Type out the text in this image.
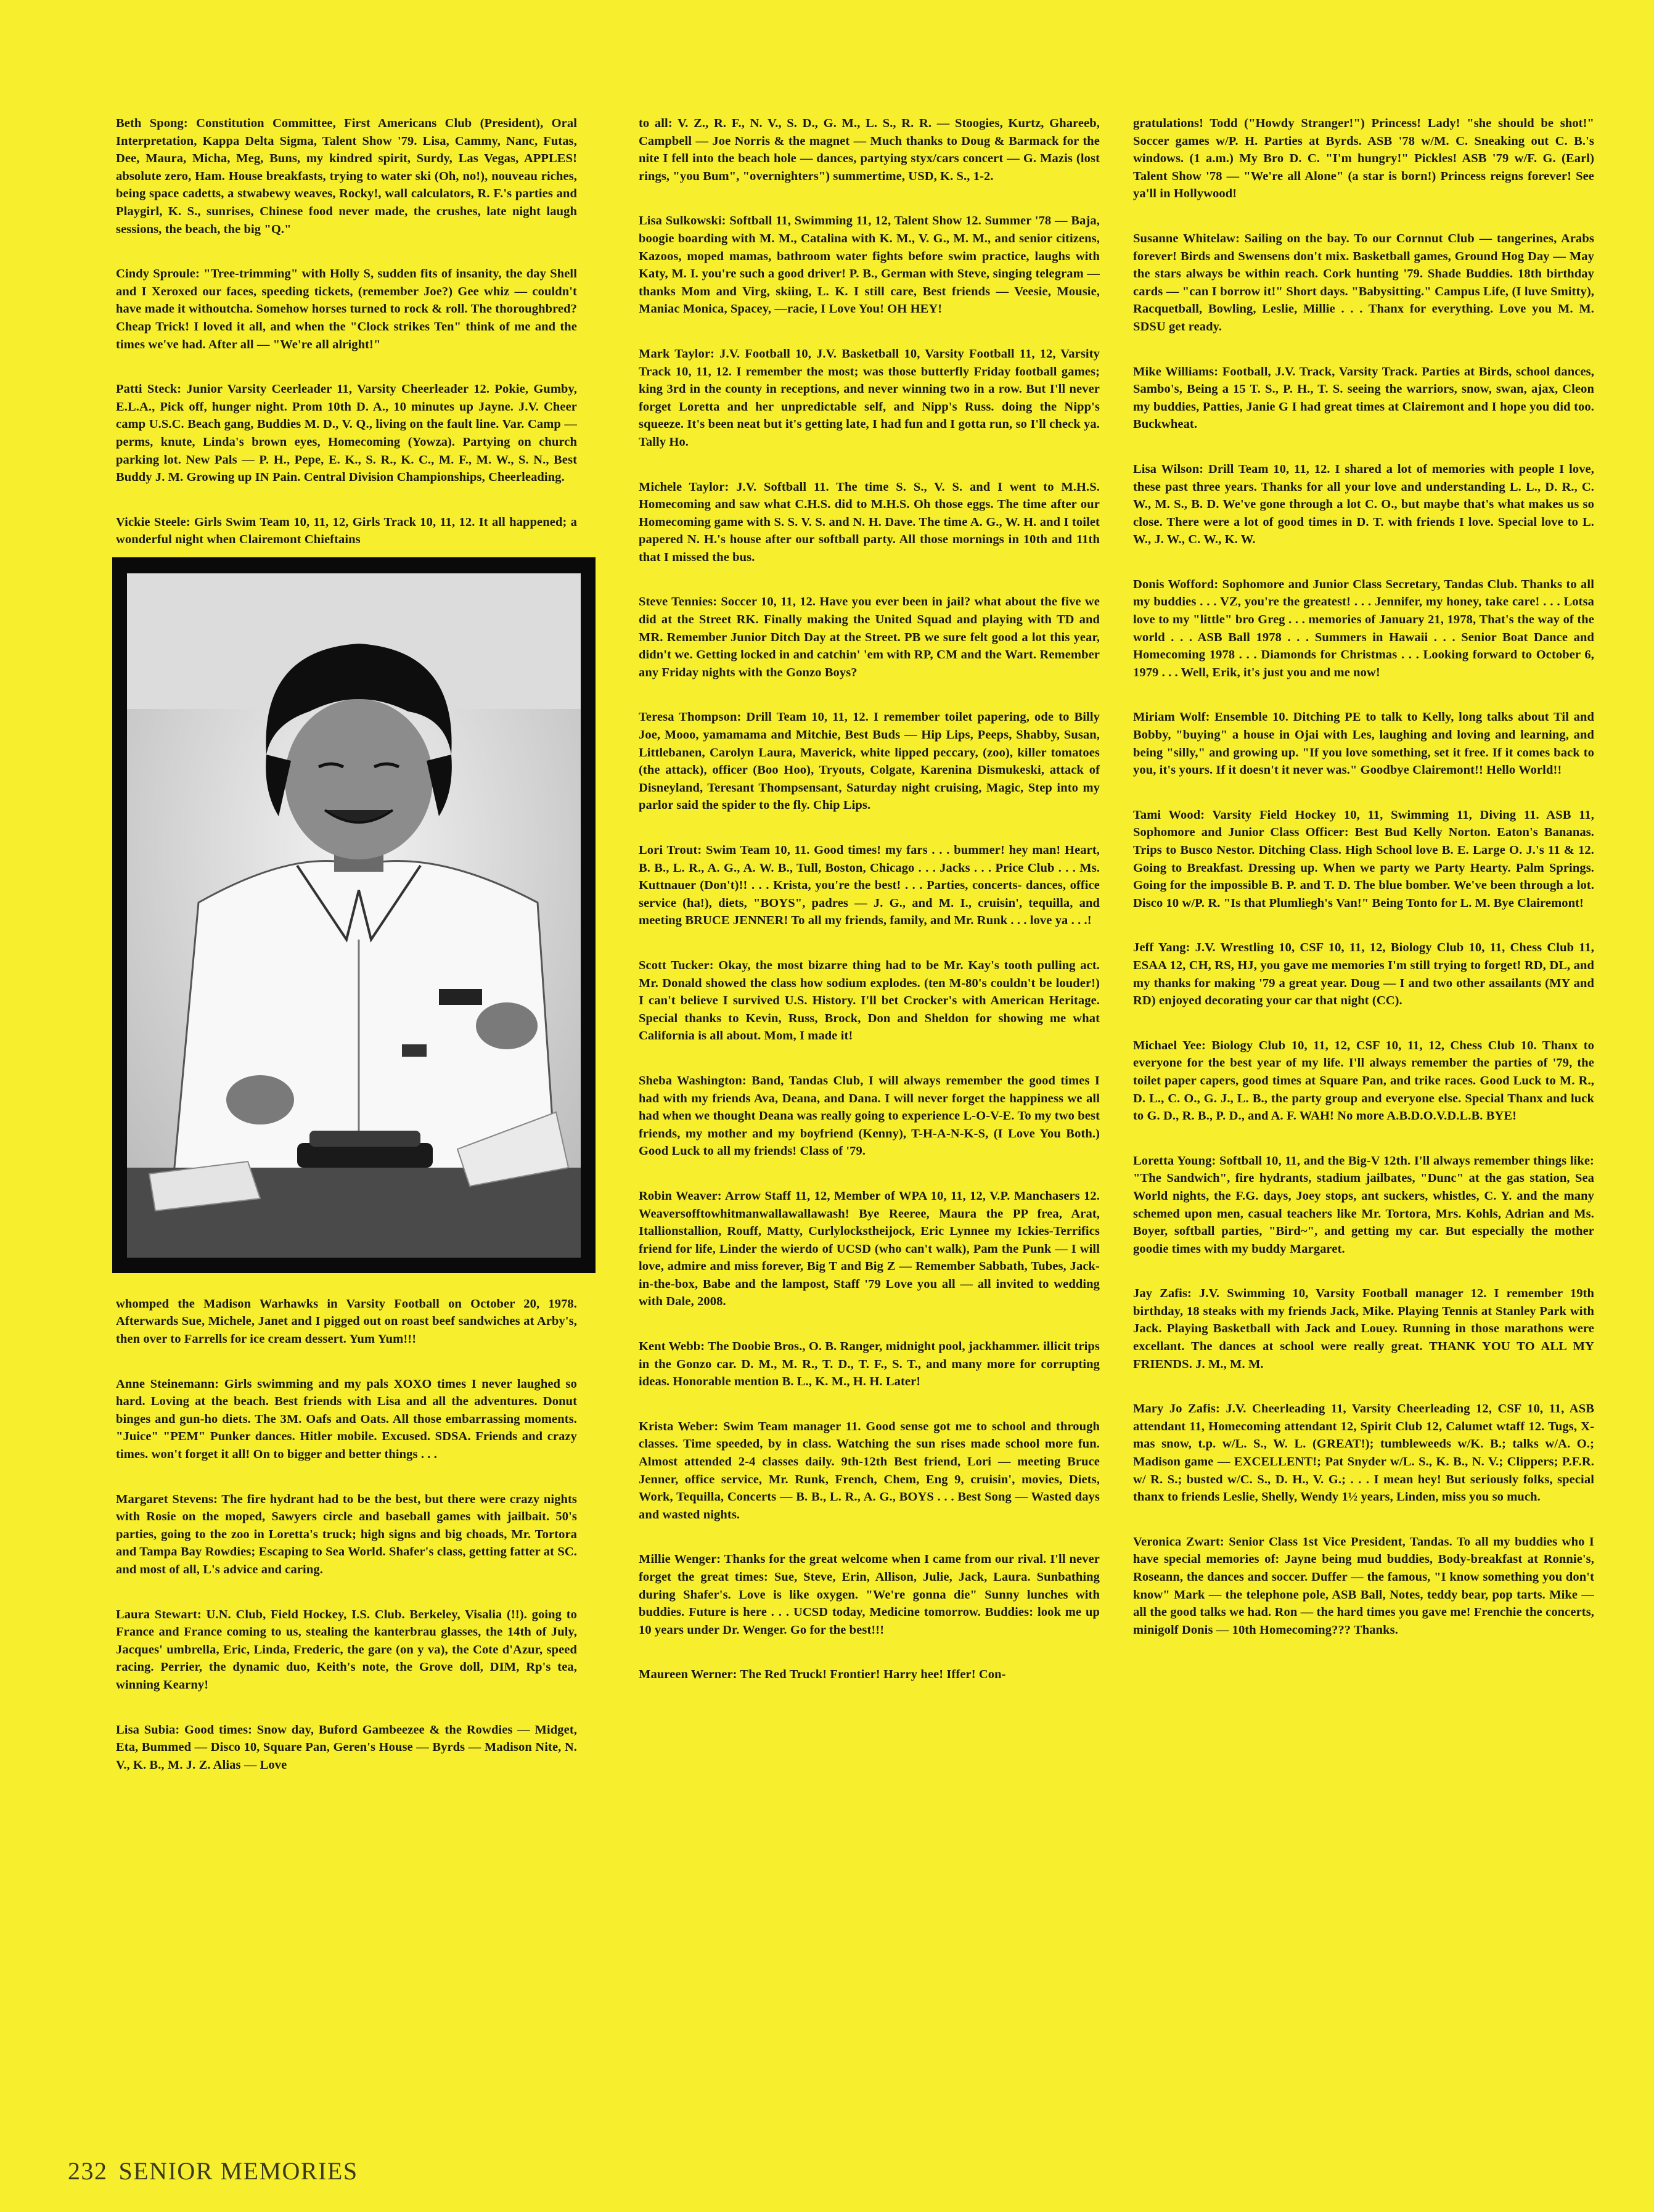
Beth Spong: Constitution Committee, First Americans Club (President), Oral Interpretation, Kappa Delta Sigma, Talent Show '79. Lisa, Cammy, Nanc, Futas, Dee, Maura, Micha, Meg, Buns, my kindred spirit, Surdy, Las Vegas, APPLES! absolute zero, Ham. House breakfasts, trying to water ski (Oh, no!), nouveau riches, being space cadetts, a stwabewy weaves, Rocky!, wall calculators, R. F.'s parties and Playgirl, K. S., sunrises, Chinese food never made, the crushes, late night laugh sessions, the beach, the big "Q."

Cindy Sproule: "Tree-trimming" with Holly S, sudden fits of insanity, the day Shell and I Xeroxed our faces, speeding tickets, (remember Joe?) Gee whiz — couldn't have made it withoutcha. Somehow horses turned to rock & roll. The thoroughbred? Cheap Trick! I loved it all, and when the "Clock strikes Ten" think of me and the times we've had. After all — "We're all alright!"

Patti Steck: Junior Varsity Ceerleader 11, Varsity Cheerleader 12. Pokie, Gumby, E.L.A., Pick off, hunger night. Prom 10th D. A., 10 minutes up Jayne. J.V. Cheer camp U.S.C. Beach gang, Buddies M. D., V. Q., living on the fault line. Var. Camp — perms, knute, Linda's brown eyes, Homecoming (Yowza). Partying on church parking lot. New Pals — P. H., Pepe, E. K., S. R., K. C., M. F., M. W., S. N., Best Buddy J. M. Growing up IN Pain. Central Division Championships, Cheerleading.

Vickie Steele: Girls Swim Team 10, 11, 12, Girls Track 10, 11, 12. It all happened; a wonderful night when Clairemont Chieftains

whomped the Madison Warhawks in Varsity Football on October 20, 1978. Afterwards Sue, Michele, Janet and I pigged out on roast beef sandwiches at Arby's, then over to Farrells for ice cream dessert. Yum Yum!!!

Anne Steinemann: Girls swimming and my pals XOXO times I never laughed so hard. Loving at the beach. Best friends with Lisa and all the adventures. Donut binges and gun-ho diets. The 3M. Oafs and Oats. All those embarrassing moments. "Juice" "PEM" Punker dances. Hitler mobile. Excused. SDSA. Friends and crazy times. won't forget it all! On to bigger and better things . . .

Margaret Stevens: The fire hydrant had to be the best, but there were crazy nights with Rosie on the moped, Sawyers circle and baseball games with jailbait. 50's parties, going to the zoo in Loretta's truck; high signs and big choads, Mr. Tortora and Tampa Bay Rowdies; Escaping to Sea World. Shafer's class, getting fatter at SC. and most of all, L's advice and caring.

Laura Stewart: U.N. Club, Field Hockey, I.S. Club. Berkeley, Visalia (!!). going to France and France coming to us, stealing the kanterbrau glasses, the 14th of July, Jacques' umbrella, Eric, Linda, Frederic, the gare (on y va), the Cote d'Azur, speed racing. Perrier, the dynamic duo, Keith's note, the Grove doll, DIM, Rp's tea, winning Kearny!

Lisa Subia: Good times: Snow day, Buford Gambeezee & the Rowdies — Midget, Eta, Bummed — Disco 10, Square Pan, Geren's House — Byrds — Madison Nite, N. V., K. B., M. J. Z. Alias — Love

to all: V. Z., R. F., N. V., S. D., G. M., L. S., R. R. — Stoogies, Kurtz, Ghareeb, Campbell — Joe Norris & the magnet — Much thanks to Doug & Barmack for the nite I fell into the beach hole — dances, partying styx/cars concert — G. Mazis (lost rings, "you Bum", "overnighters") summertime, USD, K. S., 1-2.

Lisa Sulkowski: Softball 11, Swimming 11, 12, Talent Show 12. Summer '78 — Baja, boogie boarding with M. M., Catalina with K. M., V. G., M. M., and senior citizens, Kazoos, moped mamas, bathroom water fights before swim practice, laughs with Katy, M. I. you're such a good driver! P. B., German with Steve, singing telegram — thanks Mom and Virg, skiing, L. K. I still care, Best friends — Veesie, Mousie, Maniac Monica, Spacey, —racie, I Love You! OH HEY!

Mark Taylor: J.V. Football 10, J.V. Basketball 10, Varsity Football 11, 12, Varsity Track 10, 11, 12. I remember the most; was those butterfly Friday football games; king 3rd in the county in receptions, and never winning two in a row. But I'll never forget Loretta and her unpredictable self, and Nipp's Russ. doing the Nipp's squeeze. It's been neat but it's getting late, I had fun and I gotta run, so I'll check ya. Tally Ho.

Michele Taylor: J.V. Softball 11. The time S. S., V. S. and I went to M.H.S. Homecoming and saw what C.H.S. did to M.H.S. Oh those eggs. The time after our Homecoming game with S. S. V. S. and N. H. Dave. The time A. G., W. H. and I toilet papered N. H.'s house after our softball party. All those mornings in 10th and 11th that I missed the bus.

Steve Tennies: Soccer 10, 11, 12. Have you ever been in jail? what about the five we did at the Street RK. Finally making the United Squad and playing with TD and MR. Remember Junior Ditch Day at the Street. PB we sure felt good a lot this year, didn't we. Getting locked in and catchin' 'em with RP, CM and the Wart. Remember any Friday nights with the Gonzo Boys?

Teresa Thompson: Drill Team 10, 11, 12. I remember toilet papering, ode to Billy Joe, Mooo, yamamama and Mitchie, Best Buds — Hip Lips, Peeps, Shabby, Susan, Littlebanen, Carolyn Laura, Maverick, white lipped peccary, (zoo), killer tomatoes (the attack), officer (Boo Hoo), Tryouts, Colgate, Karenina Dismukeski, attack of Disneyland, Teresant Thompsensant, Saturday night cruising, Magic, Step into my parlor said the spider to the fly. Chip Lips.

Lori Trout: Swim Team 10, 11. Good times! my fars . . . bummer! hey man! Heart, B. B., L. R., A. G., A. W. B., Tull, Boston, Chicago . . . Jacks . . . Price Club . . . Ms. Kuttnauer (Don't)!! . . . Krista, you're the best! . . . Parties, concerts- dances, office service (ha!), diets, "BOYS", padres — J. G., and M. I., cruisin', tequilla, and meeting BRUCE JENNER! To all my friends, family, and Mr. Runk . . . love ya . . .!

Scott Tucker: Okay, the most bizarre thing had to be Mr. Kay's tooth pulling act. Mr. Donald showed the class how sodium explodes. (ten M-80's couldn't be louder!) I can't believe I survived U.S. History. I'll bet Crocker's with American Heritage. Special thanks to Kevin, Russ, Brock, Don and Sheldon for showing me what California is all about. Mom, I made it!

Sheba Washington: Band, Tandas Club, I will always remember the good times I had with my friends Ava, Deana, and Dana. I will never forget the happiness we all had when we thought Deana was really going to experience L-O-V-E. To my two best friends, my mother and my boyfriend (Kenny), T-H-A-N-K-S, (I Love You Both.) Good Luck to all my friends! Class of '79.

Robin Weaver: Arrow Staff 11, 12, Member of WPA 10, 11, 12, V.P. Manchasers 12. Weaversofftowhitmanwallawallawash! Bye Reeree, Maura the PP frea, Arat, Itallionstallion, Rouff, Matty, Curlylockstheijock, Eric Lynnee my Ickies-Terrifics friend for life, Linder the wierdo of UCSD (who can't walk), Pam the Punk — I will love, admire and miss forever, Big T and Big Z — Remember Sabbath, Tubes, Jack-in-the-box, Babe and the lampost, Staff '79 Love you all — all invited to wedding with Dale, 2008.

Kent Webb: The Doobie Bros., O. B. Ranger, midnight pool, jackhammer. illicit trips in the Gonzo car. D. M., M. R., T. D., T. F., S. T., and many more for corrupting ideas. Honorable mention B. L., K. M., H. H. Later!

Krista Weber: Swim Team manager 11. Good sense got me to school and through classes. Time speeded, by in class. Watching the sun rises made school more fun. Almost attended 2-4 classes daily. 9th-12th Best friend, Lori — meeting Bruce Jenner, office service, Mr. Runk, French, Chem, Eng 9, cruisin', movies, Diets, Work, Tequilla, Concerts — B. B., L. R., A. G., BOYS . . . Best Song — Wasted days and wasted nights.

Millie Wenger: Thanks for the great welcome when I came from our rival. I'll never forget the great times: Sue, Steve, Erin, Allison, Julie, Jack, Laura. Sunbathing during Shafer's. Love is like oxygen. "We're gonna die" Sunny lunches with buddies. Future is here . . . UCSD today, Medicine tomorrow. Buddies: look me up 10 years under Dr. Wenger. Go for the best!!!

Maureen Werner: The Red Truck! Frontier! Harry hee! Iffer! Con-

gratulations! Todd ("Howdy Stranger!") Princess! Lady! "she should be shot!" Soccer games w/P. H. Parties at Byrds. ASB '78 w/M. C. Sneaking out C. B.'s windows. (1 a.m.) My Bro D. C. "I'm hungry!" Pickles! ASB '79 w/F. G. (Earl) Talent Show '78 — "We're all Alone" (a star is born!) Princess reigns forever! See ya'll in Hollywood!

Susanne Whitelaw: Sailing on the bay. To our Cornnut Club — tangerines, Arabs forever! Birds and Swensens don't mix. Basketball games, Ground Hog Day — May the stars always be within reach. Cork hunting '79. Shade Buddies. 18th birthday cards — "can I borrow it!" Short days. "Babysitting." Campus Life, (I luve Smitty), Racquetball, Bowling, Leslie, Millie . . . Thanx for everything. Love you M. M. SDSU get ready.

Mike Williams: Football, J.V. Track, Varsity Track. Parties at Birds, school dances, Sambo's, Being a 15 T. S., P. H., T. S. seeing the warriors, snow, swan, ajax, Cleon my buddies, Patties, Janie G I had great times at Clairemont and I hope you did too. Buckwheat.

Lisa Wilson: Drill Team 10, 11, 12. I shared a lot of memories with people I love, these past three years. Thanks for all your love and understanding L. L., D. R., C. W., M. S., B. D. We've gone through a lot C. O., but maybe that's what makes us so close. There were a lot of good times in D. T. with friends I love. Special love to L. W., J. W., C. W., K. W.

Donis Wofford: Sophomore and Junior Class Secretary, Tandas Club. Thanks to all my buddies . . . VZ, you're the greatest! . . . Jennifer, my honey, take care! . . . Lotsa love to my "little" bro Greg . . . memories of January 21, 1978, That's the way of the world . . . ASB Ball 1978 . . . Summers in Hawaii . . . Senior Boat Dance and Homecoming 1978 . . . Diamonds for Christmas . . . Looking forward to October 6, 1979 . . . Well, Erik, it's just you and me now!

Miriam Wolf: Ensemble 10. Ditching PE to talk to Kelly, long talks about Til and Bobby, "buying" a house in Ojai with Les, laughing and loving and learning, and being "silly," and growing up. "If you love something, set it free. If it comes back to you, it's yours. If it doesn't it never was." Goodbye Clairemont!! Hello World!!

Tami Wood: Varsity Field Hockey 10, 11, Swimming 11, Diving 11. ASB 11, Sophomore and Junior Class Officer: Best Bud Kelly Norton. Eaton's Bananas. Trips to Busco Nestor. Ditching Class. High School love B. E. Large O. J.'s 11 & 12. Going to Breakfast. Dressing up. When we party we Party Hearty. Palm Springs. Going for the impossible B. P. and T. D. The blue bomber. We've been through a lot. Disco 10 w/P. R. "Is that Plumliegh's Van!" Being Tonto for L. M. Bye Clairemont!

Jeff Yang: J.V. Wrestling 10, CSF 10, 11, 12, Biology Club 10, 11, Chess Club 11, ESAA 12, CH, RS, HJ, you gave me memories I'm still trying to forget! RD, DL, and my thanks for making '79 a great year. Doug — I and two other assailants (MY and RD) enjoyed decorating your car that night (CC).

Michael Yee: Biology Club 10, 11, 12, CSF 10, 11, 12, Chess Club 10. Thanx to everyone for the best year of my life. I'll always remember the parties of '79, the toilet paper capers, good times at Square Pan, and trike races. Good Luck to M. R., D. L., C. O., G. J., L. B., the party group and everyone else. Special Thanx and luck to G. D., R. B., P. D., and A. F. WAH! No more A.B.D.O.V.D.L.B. BYE!

Loretta Young: Softball 10, 11, and the Big-V 12th. I'll always remember things like: "The Sandwich", fire hydrants, stadium jailbates, "Dunc" at the gas station, Sea World nights, the F.G. days, Joey stops, ant suckers, whistles, C. Y. and the many schemed upon men, casual teachers like Mr. Tortora, Mrs. Kohls, Adrian and Ms. Boyer, softball parties, "Bird~", and getting my car. But especially the mother goodie times with my buddy Margaret.

Jay Zafis: J.V. Swimming 10, Varsity Football manager 12. I remember 19th birthday, 18 steaks with my friends Jack, Mike. Playing Tennis at Stanley Park with Jack. Playing Basketball with Jack and Louey. Running in those marathons were excellant. The dances at school were really great. THANK YOU TO ALL MY FRIENDS. J. M., M. M.

Mary Jo Zafis: J.V. Cheerleading 11, Varsity Cheerleading 12, CSF 10, 11, ASB attendant 11, Homecoming attendant 12, Spirit Club 12, Calumet wtaff 12. Tugs, X-mas snow, t.p. w/L. S., W. L. (GREAT!); tumbleweeds w/K. B.; talks w/A. O.; Madison game — EXCELLENT!; Pat Snyder w/L. S., K. B., N. V.; Clippers; P.F.R. w/ R. S.; busted w/C. S., D. H., V. G.; . . . I mean hey! But seriously folks, special thanx to friends Leslie, Shelly, Wendy 1½ years, Linden, miss you so much.

Veronica Zwart: Senior Class 1st Vice President, Tandas. To all my buddies who I have special memories of: Jayne being mud buddies, Body-breakfast at Ronnie's, Roseann, the dances and soccer. Duffer — the famous, "I know something you don't know" Mark — the telephone pole, ASB Ball, Notes, teddy bear, pop tarts. Mike — all the good talks we had. Ron — the hard times you gave me! Frenchie the concerts, minigolf Donis — 10th Homecoming??? Thanks.

232 SENIOR MEMORIES
